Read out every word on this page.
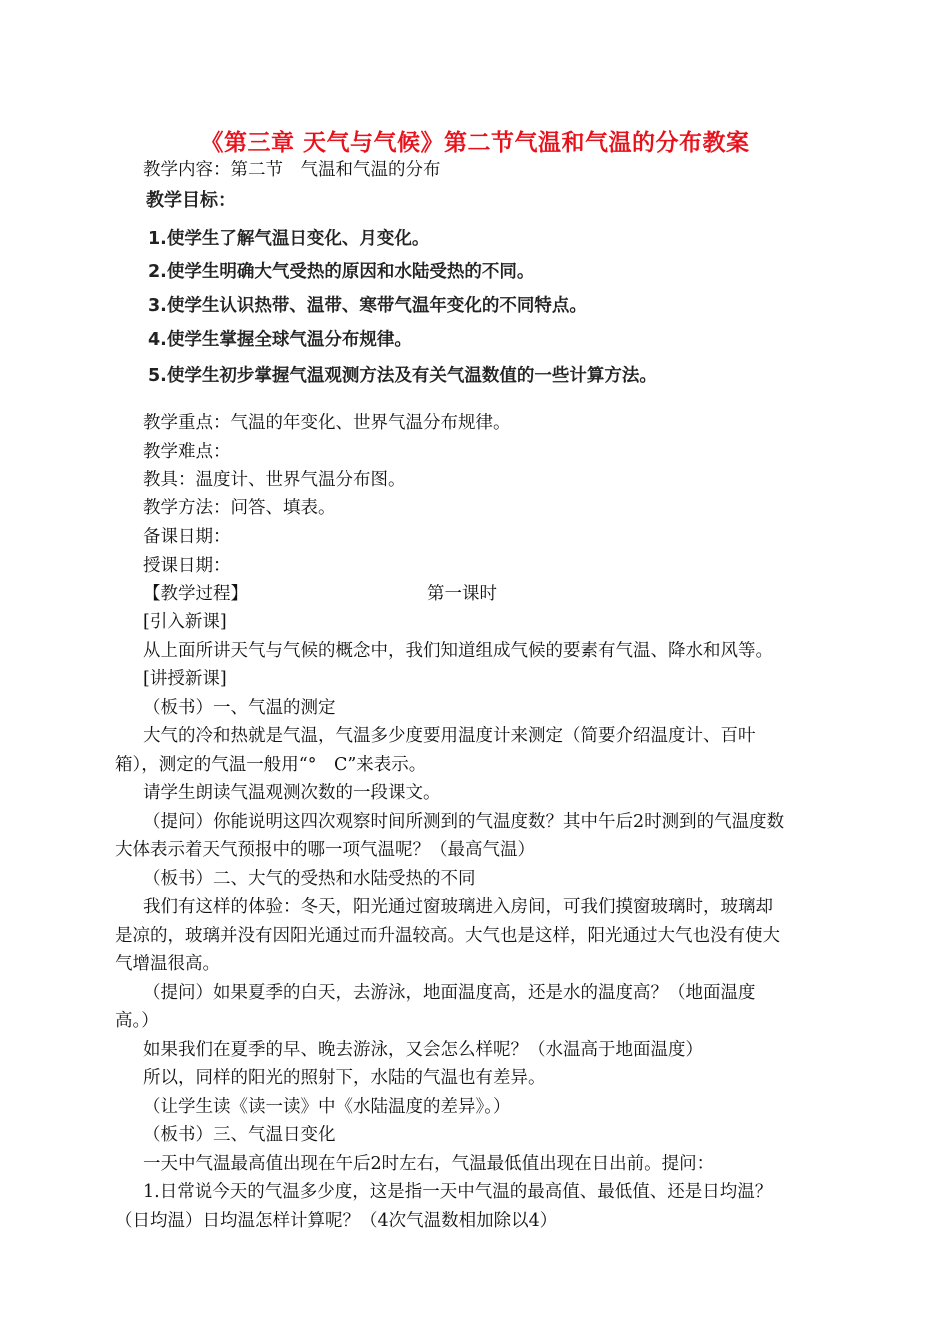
《第三章 天气与气候》第二节气温和气温的分布教案
教学内容：第二节　气温和气温的分布
教学目标：
1.使学生了解气温日变化、月变化。
2.使学生明确大气受热的原因和水陆受热的不同。
3.使学生认识热带、温带、寒带气温年变化的不同特点。
4.使学生掌握全球气温分布规律。
5.使学生初步掌握气温观测方法及有关气温数值的一些计算方法。
教学重点：气温的年变化、世界气温分布规律。
教学难点：
教具：温度计、世界气温分布图。
教学方法：问答、填表。
备课日期：
授课日期：
【教学过程】	第一课时
[引入新课]
从上面所讲天气与气候的概念中，我们知道组成气候的要素有气温、降水和风等。
[讲授新课]
（板书）一、气温的测定
大气的冷和热就是气温，气温多少度要用温度计来测定（简要介绍温度计、百叶
箱），测定的气温一般用“°　C”来表示。
请学生朗读气温观测次数的一段课文。
（提问）你能说明这四次观察时间所测到的气温度数？其中午后2时测到的气温度数
大体表示着天气预报中的哪一项气温呢？（最高气温）
（板书）二、大气的受热和水陆受热的不同
我们有这样的体验：冬天，阳光通过窗玻璃进入房间，可我们摸窗玻璃时，玻璃却
是凉的，玻璃并没有因阳光通过而升温较高。大气也是这样，阳光通过大气也没有使大
气增温很高。
（提问）如果夏季的白天，去游泳，地面温度高，还是水的温度高？（地面温度
高。）
如果我们在夏季的早、晚去游泳，又会怎么样呢？（水温高于地面温度）
所以，同样的阳光的照射下，水陆的气温也有差异。
（让学生读《读一读》中《水陆温度的差异》。）
（板书）三、气温日变化
一天中气温最高值出现在午后2时左右，气温最低值出现在日出前。提问：
1.日常说今天的气温多少度，这是指一天中气温的最高值、最低值、还是日均温？
（日均温）日均温怎样计算呢？（4次气温数相加除以4）
